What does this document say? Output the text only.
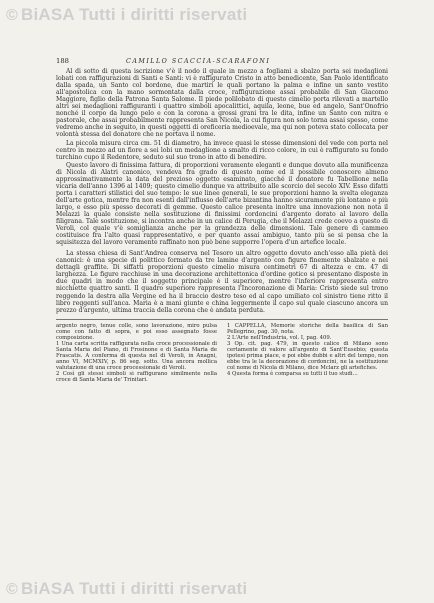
© BiASA Tutti i diritti riservati
188	CAMILLO SCACCIA-SCARAFONI

Al di sotto di questa iscrizione v'è il nodo il quale in mezzo a fogliami a sbalzo porta sei medaglioni lobati con raffigurazioni di Santi e Santi: vi è raffigurato Cristo in atto benedicente, San Paolo identificato dalla spada, un Santo col bordone, due martiri le quali portano la palma e infine un santo vestito all'apostolica con la mano sormontata dalla croce, raffigurazione assai probabile di San Giacomo Maggiore, figlio della Patrona Santa Salome. Il piede polilobato di questo cimelio porta rilevati a martello altri sei medaglioni raffiguranti i quattro simboli apocalittici, aquila, leone, bue ed angelo, Sant'Onofrio nonché il corpo da lungo pelo e con la corona a grossi grani tra le dita, infine un Santo con mitra e pastorale, che assai probabilmente rappresenta San Nicola, la cui figura non solo torna assai spesso, come vedremo anche in seguito, in questi oggetti di oreficeria medioevale, ma qui non poteva stato collocata per volontà stessa del donatore che ne portava il nome.

La piccola misura circa cm. 51 di diametro, ha invece quasi le stesse dimensioni del vede con porta nel centro in mezzo ad un fiore a sei lobi un medaglione a smalto di ricco colore, in cui è raffigurato su fondo turchino cupo il Redentore, seduto sul suo trono in atto di benedire.

Questo lavoro di finissima fattura, di proporzioni veramente eleganti e dunque dovuto alla munificenza di Nicola di Alatri canonico, vendeva fra grado di questo nome ed il possibile conoscere almeno approssimativamente la data del prezioso oggetto esaminato, giacché il donatore fu Tabellione nella vicaria dell'anno 1396 al 1409; questo cimelio dunque va attribuito alle scorcio del secolo XIV. Esso difatti porta i caratteri stilistici del suo tempo: le sue linee generali, le sue proporzioni hanno la svelta eleganza dell'arte gotica, mentre fra non esenti dall'influsso dell'arte bizantina hanno sicuramente più lontano e più largo, e esso più spesso decorati di gemme. Questo calice presenta inoltre una innovazione non nota il Melazzi la quale consiste nella sostituzione di finissimi cordoncini d'argento dorato al lavoro della filigrana. Tale sostituzione, si incontra anche in un calice di Perugia, che il Melazzi crede coevo a questo di Veroli, col quale v'è somiglianza anche per la grandezza delle dimensioni. Tale genere di cammeo costituisce fra l'alto quasi rappresentativo, e per quanto assai ambiguo, tanto più se si pensa che la squisitezza del lavoro veramente raffinato non può bene supporre l'opera d'un artefice locale.

La stessa chiesa di Sant'Andrea conserva nel Tesoro un altro oggetto dovuto anch'esso alla pietà dei canonici: è una specie di polittico formato da tre lamine d'argento con figure finemente sbalzate e nei dettagli graffite. Di siffatti proporzioni questo cimelio misura centimetri 67 di altezza e cm. 47 di larghezza. Le figure racchiuse in una decorazione architettonica d'ordine gotico si presentano disposte in due quadri in modo che il soggetto principale è il superiore, mentre l'inferiore rappresenta entro nicchiette quattro santi. Il quadro superiore rappresenta l'Incoronazione di Maria: Cristo siede sul trono reggendo la destra alla Vergine ed ha il braccio destro teso ed al capo umiliato col sinistro tiene ritto il libro reggenti sull'anca. Maria è a mani giunte e china leggermente il capo sul quale ciascuno ancora un prezzo d'argento, ultima traccia della corona che è andata perduta.

argento negro, tenue colle, sono lavorazione, miro pulsa come con fatto di sopra, e poi esso assegnato fosse composizione.

1 Una carta scritta raffigurata nella croce processionale di Santa Maria del Piano, di Frosinone e di Santa Maria de Frascatis. A conferma di questa nel di Veroli, in Anagni, anno VI, MCMXIV, p. 86 seg. sotto. Una ancora mollica valutazione di una croce processionale di Veroli.

2 Così gli stessi simboli si raffigurano similmente nella croce di Santa Maria de' Trinitari.

1 CAPPELLA, Memorie storiche della basilica di San Pellegrino, pag. 30, nota.

2 L'Arte nell'Industria, vol. I, pag. 409.

3 Op. cit. pag. 479, in questo calice di Milano sono certamente di valore all'argento di Sant'Eusebio; questa ipotesi prima piace, e poi ebbe dubbi e altri del tempo, non ebbe tra le la decorazione di cordoncini, ne la sostituzione col nome di Nicola di Milano, dice Mclarz gli artefiches.

4 Questa forma è comparsa su tutti il tuo studi...

© BiASA Tutti i diritti riservati
